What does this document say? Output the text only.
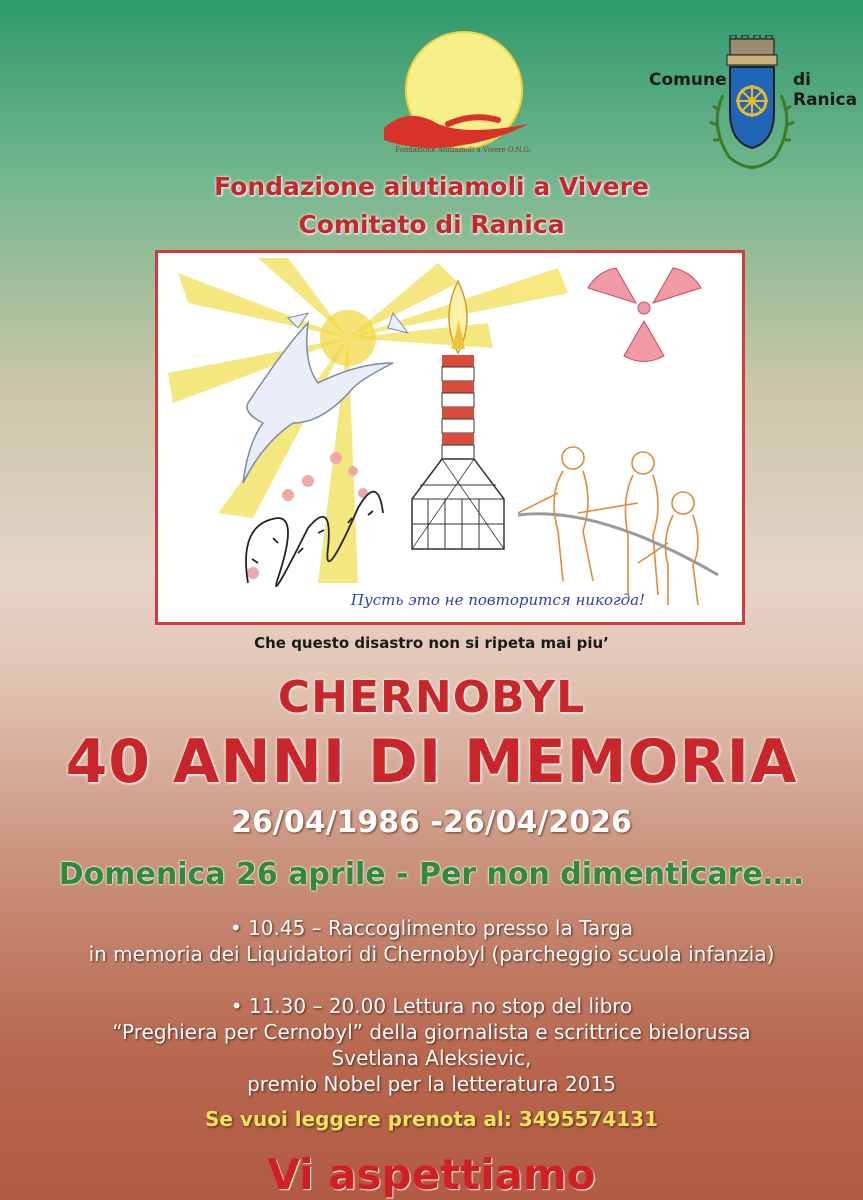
Fondazione Aiutiamoli a Vivere O.N.G.
Comune	di Ranica
Fondazione aiutiamoli a Vivere
Comitato di Ranica
Пусть это не повторится никогда!
Che questo disastro non si ripeta mai piu’
CHERNOBYL
40 ANNI DI MEMORIA
26/04/1986 -26/04/2026
Domenica 26 aprile - Per non dimenticare….
• 10.45 – Raccoglimento presso la Targa
in memoria dei Liquidatori di Chernobyl (parcheggio scuola infanzia)
• 11.30 – 20.00 Lettura no stop del libro
“Preghiera per Cernobyl” della giornalista e scrittrice bielorussa
Svetlana Aleksievic,
premio Nobel per la letteratura 2015
Se vuoi leggere prenota al: 3495574131
Vi aspettiamo
